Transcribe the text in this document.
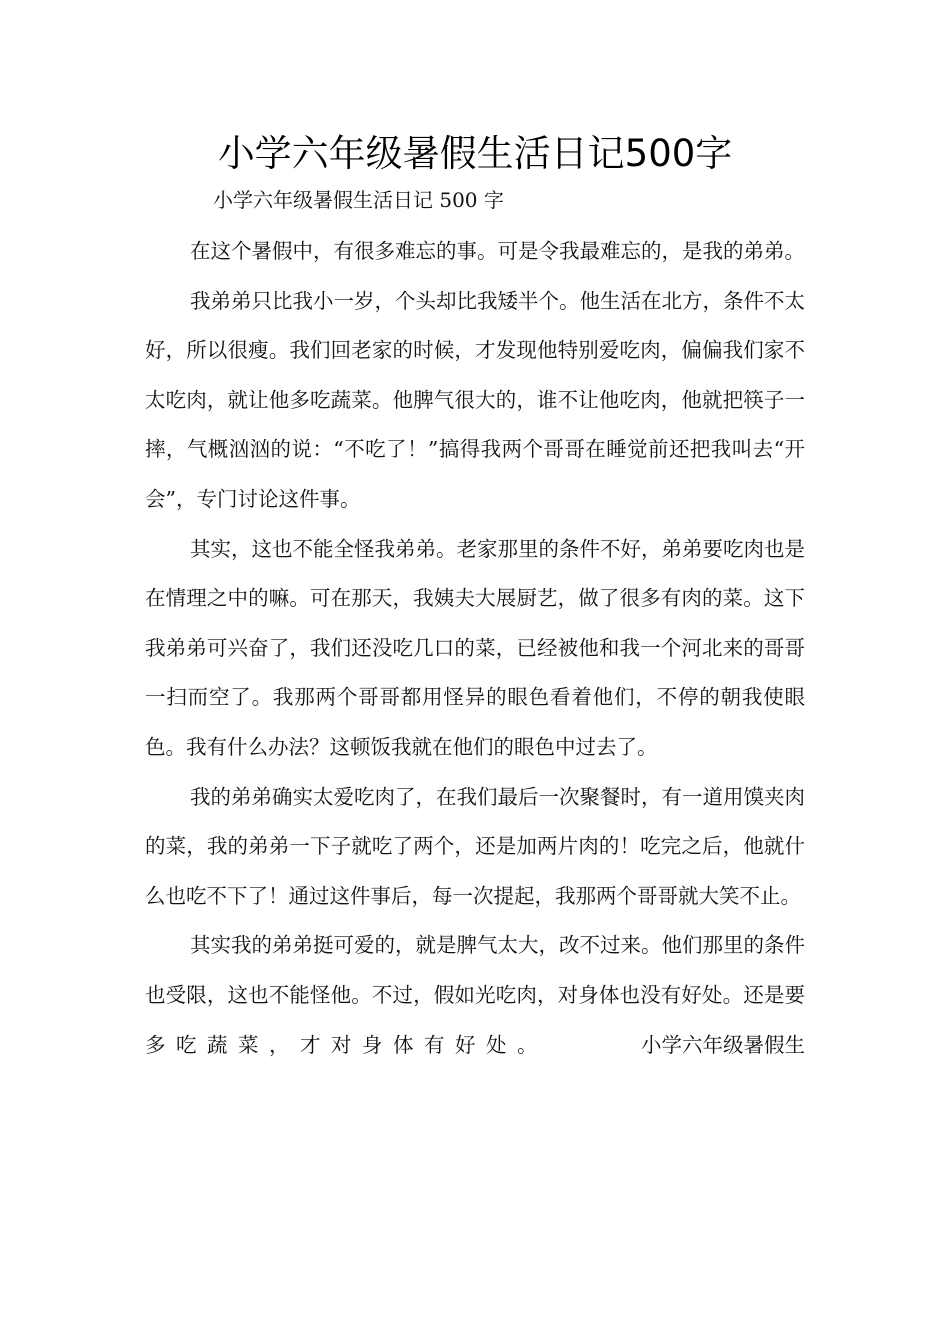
小学六年级暑假生活日记500字

小学六年级暑假生活日记 500 字

在这个暑假中，有很多难忘的事。可是令我最难忘的，是我的弟弟。

我弟弟只比我小一岁，个头却比我矮半个。他生活在北方，条件不太好，所以很瘦。我们回老家的时候，才发现他特别爱吃肉，偏偏我们家不太吃肉，就让他多吃蔬菜。他脾气很大的，谁不让他吃肉，他就把筷子一摔，气概汹汹的说：“不吃了！”搞得我两个哥哥在睡觉前还把我叫去“开会”，专门讨论这件事。

其实，这也不能全怪我弟弟。老家那里的条件不好，弟弟要吃肉也是在情理之中的嘛。可在那天，我姨夫大展厨艺，做了很多有肉的菜。这下我弟弟可兴奋了，我们还没吃几口的菜，已经被他和我一个河北来的哥哥一扫而空了。我那两个哥哥都用怪异的眼色看着他们，不停的朝我使眼色。我有什么办法？这顿饭我就在他们的眼色中过去了。

我的弟弟确实太爱吃肉了，在我们最后一次聚餐时，有一道用馍夹肉的菜，我的弟弟一下子就吃了两个，还是加两片肉的！吃完之后，他就什么也吃不下了！通过这件事后，每一次提起，我那两个哥哥就大笑不止。

其实我的弟弟挺可爱的，就是脾气太大，改不过来。他们那里的条件也受限，这也不能怪他。不过，假如光吃肉，对身体也没有好处。还是要多吃蔬菜，才对身体有好处。	小学六年级暑假生
